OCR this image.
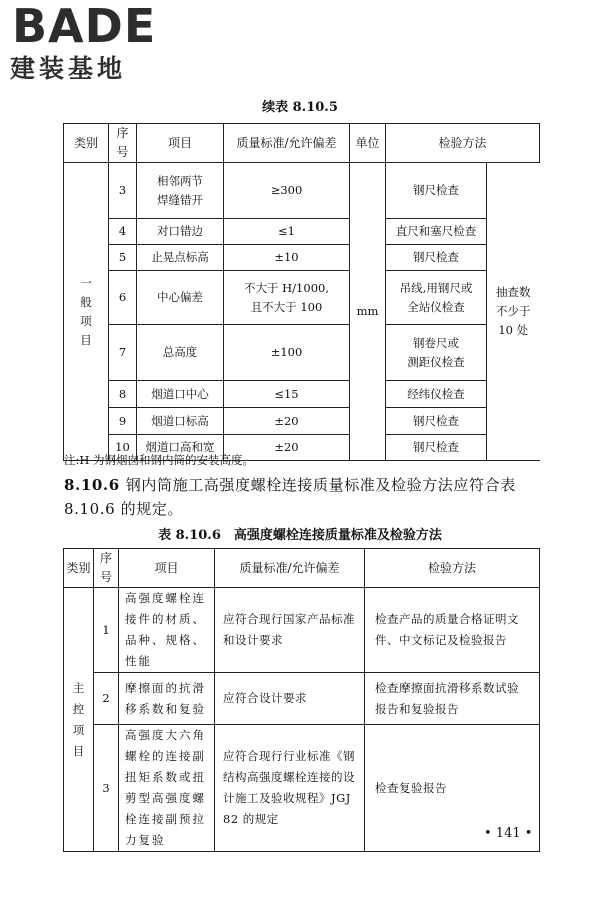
BADE
建装基地
续表 8.10.5
类别	序号	项目	质量标准/允许偏差	单位	检验方法	
一
般
项
目	3	相邻两节
焊缝错开	≥300	mm	钢尺检查	抽查数
不少于
10 处
	4	对口错边	≤1		直尺和塞尺检查	
	5	止晃点标高	±10		钢尺检查	
	6	中心偏差	不大于 H/1000,
且不大于 100		吊线,用钢尺或
全站仪检查	
	7	总高度	±100		钢卷尺或
测距仪检查	
	8	烟道口中心	≤15		经纬仪检查	
	9	烟道口标高	±20		钢尺检查	
	10	烟道口高和宽	±20		钢尺检查	
注:H 为钢烟囱和钢内筒的安装高度。
8.10.6 钢内筒施工高强度螺栓连接质量标准及检验方法应符合表 8.10.6 的规定。
表 8.10.6　高强度螺栓连接质量标准及检验方法
类别	序号	项目	质量标准/允许偏差	检验方法
主
控
项
目	1	高强度螺栓连接件的材质、品种、规格、性能	应符合现行国家产品标准和设计要求	检查产品的质量合格证明文件、中文标记及检验报告
	2	摩擦面的抗滑移系数和复验	应符合设计要求	检查摩擦面抗滑移系数试验报告和复验报告
	3	高强度大六角螺栓的连接副扭矩系数或扭剪型高强度螺栓连接副预拉力复验	应符合现行行业标准《钢结构高强度螺栓连接的设计施工及验收规程》JGJ 82 的规定	检查复验报告
• 141 •
